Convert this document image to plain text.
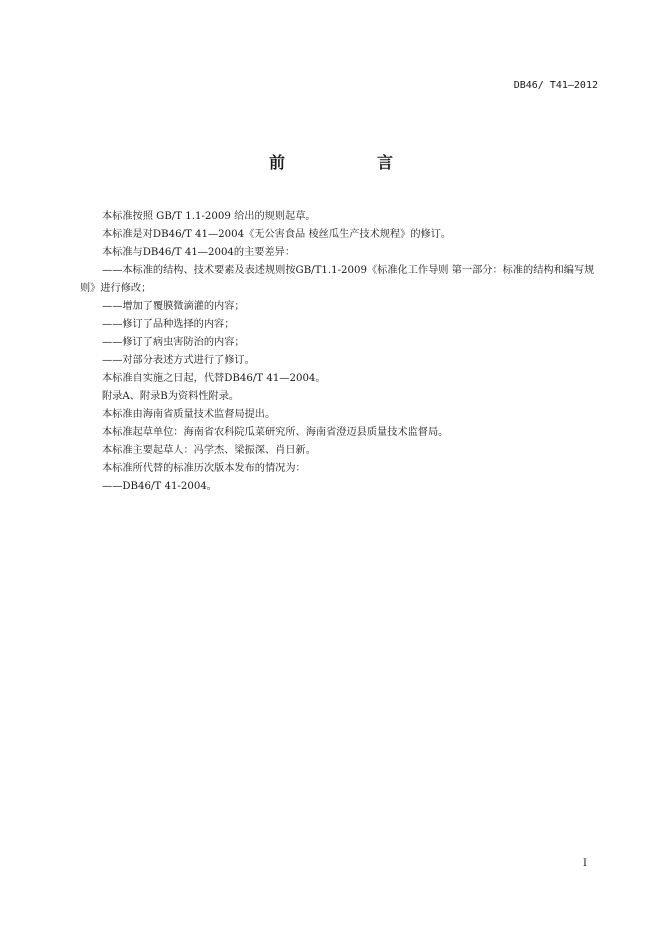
DB46/ T41—2012
前　言

本标准按照 GB/T 1.1-2009 给出的规则起草。

本标准是对DB46/T 41—2004《无公害食品 棱丝瓜生产技术规程》的修订。

本标准与DB46/T 41—2004的主要差异：

——本标准的结构、技术要素及表述规则按GB/T1.1-2009《标准化工作导则 第一部分：标准的结构和编写规则》进行修改；

——增加了覆膜微滴灌的内容；

——修订了品种选择的内容；

——修订了病虫害防治的内容；

——对部分表述方式进行了修订。

本标准自实施之日起，代替DB46/T 41—2004。

附录A、附录B为资料性附录。

本标准由海南省质量技术监督局提出。

本标准起草单位：海南省农科院瓜菜研究所、海南省澄迈县质量技术监督局。

本标准主要起草人：冯学杰、梁振深、肖日新。

本标准所代替的标准历次版本发布的情况为：

——DB46/T 41-2004。

I
